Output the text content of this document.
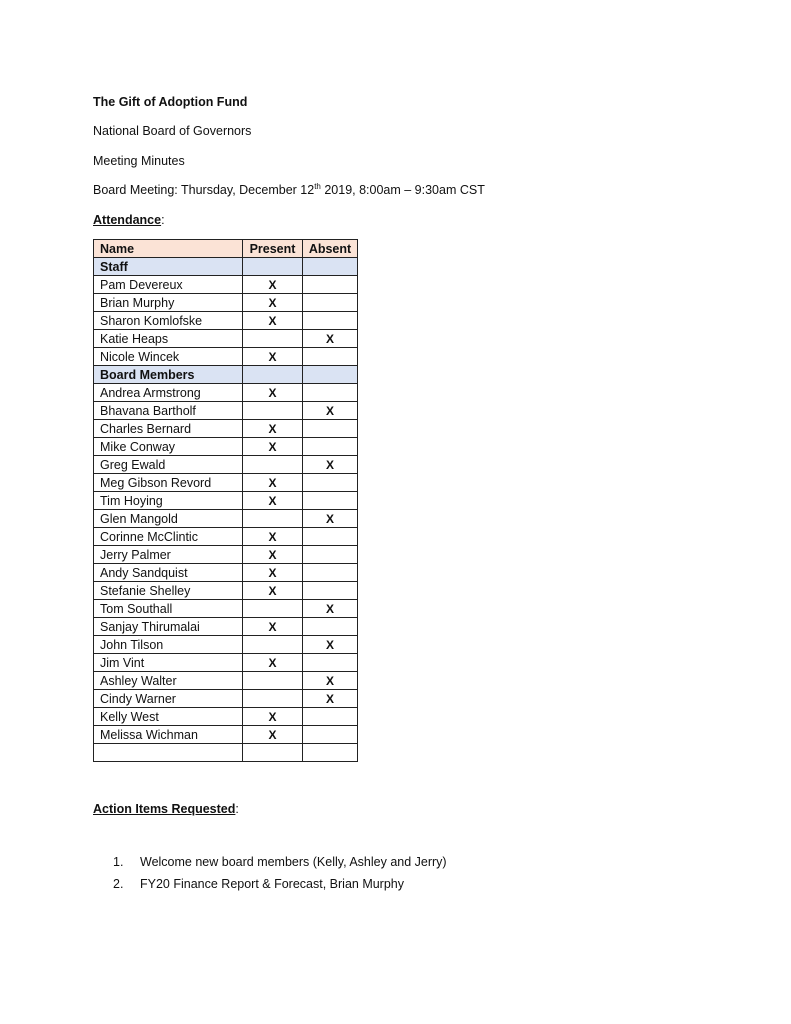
The Gift of Adoption Fund
National Board of Governors
Meeting Minutes
Board Meeting: Thursday, December 12th 2019, 8:00am – 9:30am CST
Attendance:
Name	Present	Absent
Staff		
Pam Devereux	X	
Brian Murphy	X	
Sharon Komlofske	X	
Katie Heaps		X
Nicole Wincek	X	
Board Members		
Andrea Armstrong	X	
Bhavana Bartholf		X
Charles Bernard	X	
Mike Conway	X	
Greg Ewald		X
Meg Gibson Revord	X	
Tim Hoying	X	
Glen Mangold		X
Corinne McClintic	X	
Jerry Palmer	X	
Andy Sandquist	X	
Stefanie Shelley	X	
Tom Southall		X
Sanjay Thirumalai	X	
John Tilson		X
Jim Vint	X	
Ashley Walter		X
Cindy Warner		X
Kelly West	X	
Melissa Wichman	X	

Action Items Requested:
1. Welcome new board members (Kelly, Ashley and Jerry)
2. FY20 Finance Report & Forecast, Brian Murphy
